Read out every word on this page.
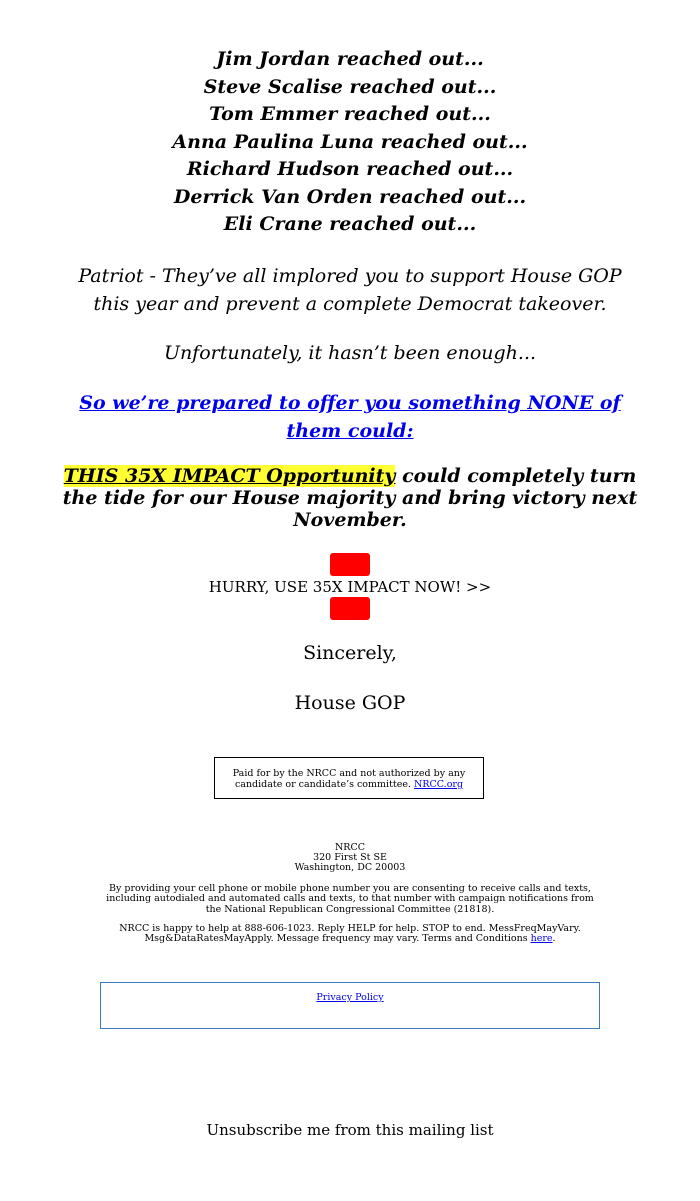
Jim Jordan reached out...
Steve Scalise reached out...
Tom Emmer reached out...
Anna Paulina Luna reached out...
Richard Hudson reached out...
Derrick Van Orden reached out...
Eli Crane reached out...
Patriot - They’ve all implored you to support House GOP this year and prevent a complete Democrat takeover.
Unfortunately, it hasn’t been enough...
So we’re prepared to offer you something NONE of them could:
THIS 35X IMPACT Opportunity could completely turn the tide for our House majority and bring victory next November.
HURRY, USE 35X IMPACT NOW! >>
Sincerely,
House GOP
Paid for by the NRCC and not authorized by any candidate or candidate’s committee. NRCC.org
NRCC
320 First St SE
Washington, DC 20003
By providing your cell phone or mobile phone number you are consenting to receive calls and texts, including autodialed and automated calls and texts, to that number with campaign notifications from the National Republican Congressional Committee (21818).
NRCC is happy to help at 888-606-1023. Reply HELP for help. STOP to end. MessFreqMayVary. Msg&DataRatesMayApply. Message frequency may vary. Terms and Conditions here.
Privacy Policy
Unsubscribe me from this mailing list
